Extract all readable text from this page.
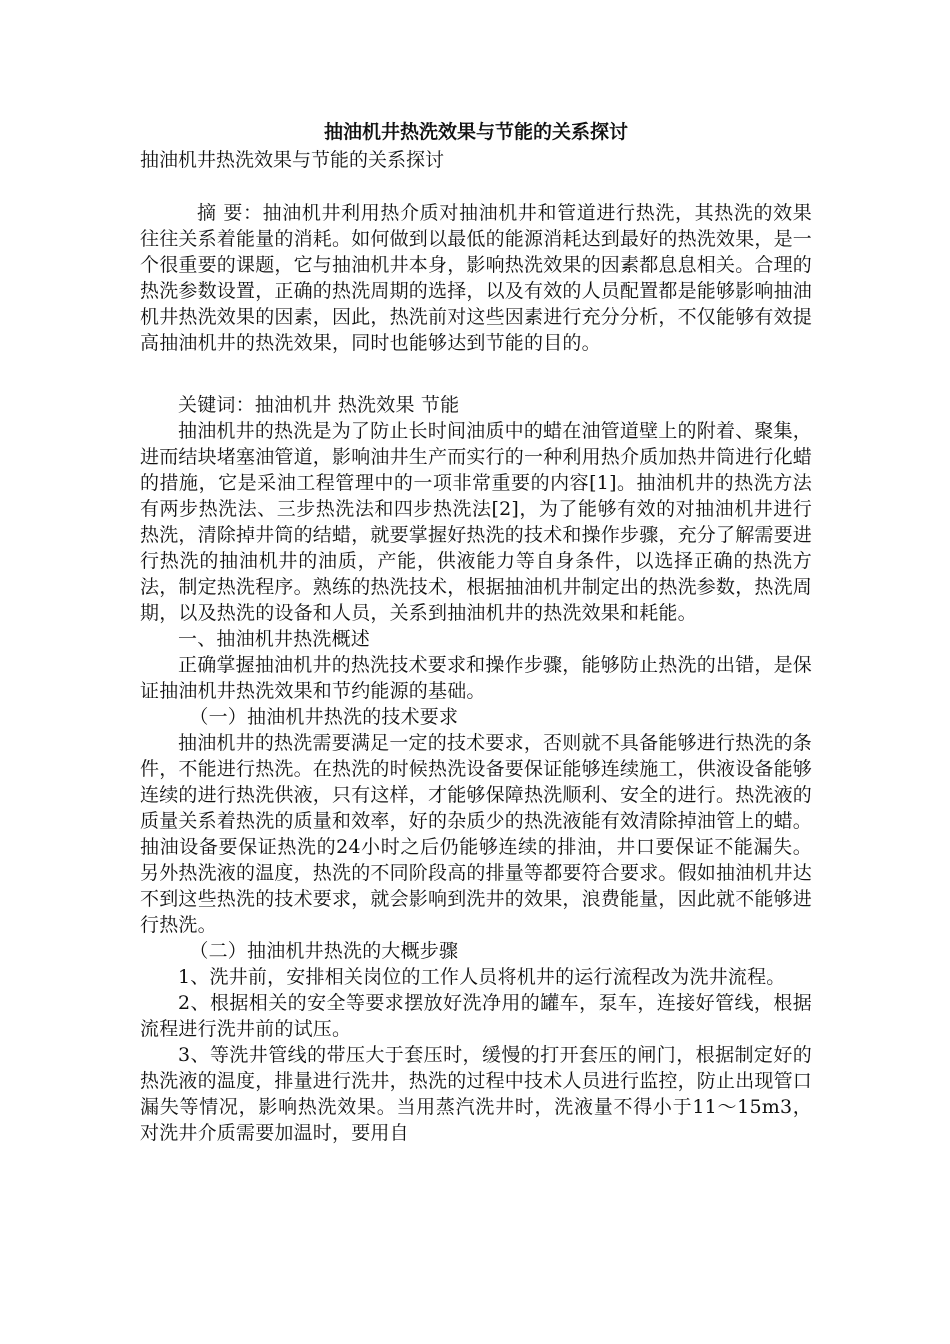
抽油机井热洗效果与节能的关系探讨
抽油机井热洗效果与节能的关系探讨

摘 要：抽油机井利用热介质对抽油机井和管道进行热洗，其热洗的效果往往关系着能量的消耗。如何做到以最低的能源消耗达到最好的热洗效果，是一个很重要的课题，它与抽油机井本身，影响热洗效果的因素都息息相关。合理的热洗参数设置，正确的热洗周期的选择，以及有效的人员配置都是能够影响抽油机井热洗效果的因素，因此，热洗前对这些因素进行充分分析，不仅能够有效提高抽油机井的热洗效果，同时也能够达到节能的目的。

关键词：抽油机井 热洗效果 节能

抽油机井的热洗是为了防止长时间油质中的蜡在油管道壁上的附着、聚集，进而结块堵塞油管道，影响油井生产而实行的一种利用热介质加热井筒进行化蜡的措施，它是采油工程管理中的一项非常重要的内容[1]。抽油机井的热洗方法有两步热洗法、三步热洗法和四步热洗法[2]，为了能够有效的对抽油机井进行热洗，清除掉井筒的结蜡，就要掌握好热洗的技术和操作步骤，充分了解需要进行热洗的抽油机井的油质，产能，供液能力等自身条件，以选择正确的热洗方法，制定热洗程序。熟练的热洗技术，根据抽油机井制定出的热洗参数，热洗周期，以及热洗的设备和人员，关系到抽油机井的热洗效果和耗能。

一、抽油机井热洗概述

正确掌握抽油机井的热洗技术要求和操作步骤，能够防止热洗的出错，是保证抽油机井热洗效果和节约能源的基础。

（一）抽油机井热洗的技术要求

抽油机井的热洗需要满足一定的技术要求，否则就不具备能够进行热洗的条件，不能进行热洗。在热洗的时候热洗设备要保证能够连续施工，供液设备能够连续的进行热洗供液，只有这样，才能够保障热洗顺利、安全的进行。热洗液的质量关系着热洗的质量和效率，好的杂质少的热洗液能有效清除掉油管上的蜡。抽油设备要保证热洗的24小时之后仍能够连续的排油，井口要保证不能漏失。另外热洗液的温度，热洗的不同阶段高的排量等都要符合要求。假如抽油机井达不到这些热洗的技术要求，就会影响到洗井的效果，浪费能量，因此就不能够进行热洗。

（二）抽油机井热洗的大概步骤

1、洗井前，安排相关岗位的工作人员将机井的运行流程改为洗井流程。

2、根据相关的安全等要求摆放好洗净用的罐车，泵车，连接好管线，根据流程进行洗井前的试压。

3、等洗井管线的带压大于套压时，缓慢的打开套压的闸门，根据制定好的热洗液的温度，排量进行洗井，热洗的过程中技术人员进行监控，防止出现管口漏失等情况，影响热洗效果。当用蒸汽洗井时，洗液量不得小于11～15m3，对洗井介质需要加温时，要用自
